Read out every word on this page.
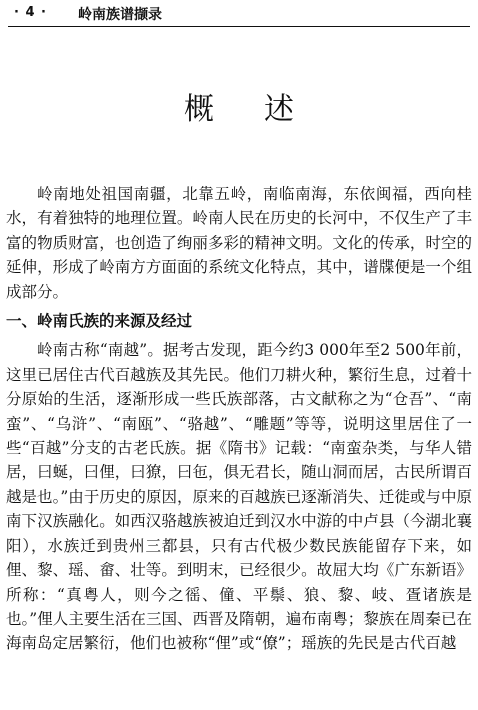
· 4 · 岭南族谱撷录
概述

岭南地处祖国南疆，北靠五岭，南临南海，东依闽福，西向桂水，有着独特的地理位置。岭南人民在历史的长河中，不仅生产了丰富的物质财富，也创造了绚丽多彩的精神文明。文化的传承，时空的延伸，形成了岭南方方面面的系统文化特点，其中，谱牒便是一个组成部分。

一、岭南氏族的来源及经过

岭南古称“南越”。据考古发现，距今约3 000年至2 500年前，这里已居住古代百越族及其先民。他们刀耕火种，繁衍生息，过着十分原始的生活，逐渐形成一些氏族部落，古文献称之为“仓吾”、“南蛮”、“乌浒”、“南瓯”、“骆越”、“雕题”等等，说明这里居住了一些“百越”分支的古老氏族。据《隋书》记载：“南蛮杂类，与华人错居，曰蜒，曰俚，曰獠，曰㐌，俱无君长，随山洞而居，古民所谓百越是也。”由于历史的原因，原来的百越族已逐渐消失、迁徙或与中原南下汉族融化。如西汉骆越族被迫迁到汉水中游的中卢县（今湖北襄阳），水族迁到贵州三都县，只有古代极少数民族能留存下来，如俚、黎、瑶、畲、壮等。到明末，已经很少。故屈大均《广东新语》所称：“真粤人，则今之徭、僮、平鬃、狼、黎、岐、疍诸族是也。”俚人主要生活在三国、西晋及隋朝，遍布南粤；黎族在周秦已在海南岛定居繁衍，他们也被称“俚”或“僚”；瑶族的先民是古代百越
